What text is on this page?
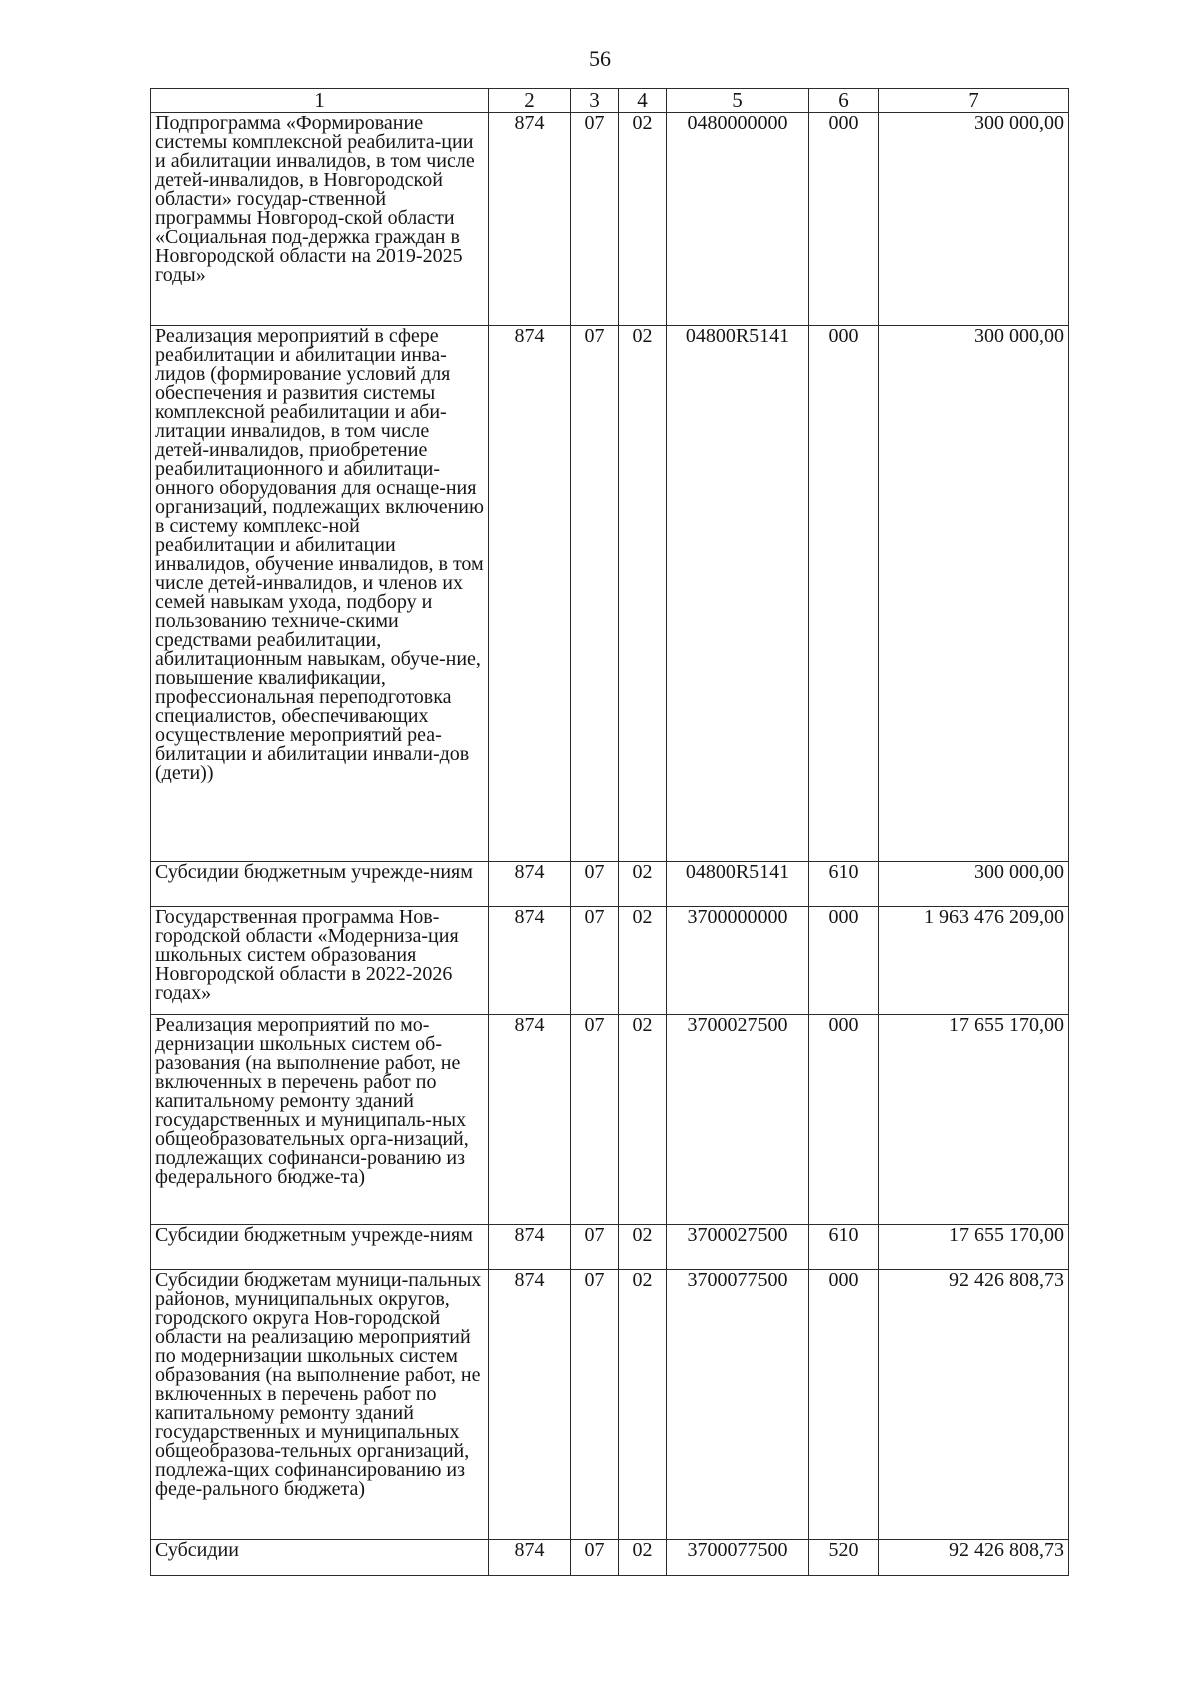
56
1	2	3	4	5	6	7
Подпрограмма «Формирование системы комплексной реабилита-ции и абилитации инвалидов, в том числе детей-инвалидов, в Новгородской области» государ-ственной программы Новгород-ской области «Социальная под-держка граждан в Новгородской области на 2019-2025 годы»	874	07	02	0480000000	000	300 000,00
Реализация мероприятий в сфере реабилитации и абилитации инва-лидов (формирование условий для обеспечения и развития системы комплексной реабилитации и аби-литации инвалидов, в том числе детей-инвалидов, приобретение реабилитационного и абилитаци-онного оборудования для оснаще-ния организаций, подлежащих включению в систему комплекс-ной реабилитации и абилитации инвалидов, обучение инвалидов, в том числе детей-инвалидов, и членов их семей навыкам ухода, подбору и пользованию техниче-скими средствами реабилитации, абилитационным навыкам, обуче-ние, повышение квалификации, профессиональная переподготовка специалистов, обеспечивающих осуществление мероприятий реа-билитации и абилитации инвали-дов (дети))	874	07	02	04800R5141	000	300 000,00
Субсидии бюджетным учрежде-ниям	874	07	02	04800R5141	610	300 000,00
Государственная программа Нов-городской области «Модерниза-ция школьных систем образования Новгородской области в 2022-2026 годах»	874	07	02	3700000000	000	1 963 476 209,00
Реализация мероприятий по мо-дернизации школьных систем об-разования (на выполнение работ, не включенных в перечень работ по капитальному ремонту зданий государственных и муниципаль-ных общеобразовательных орга-низаций, подлежащих софинанси-рованию из федерального бюдже-та)	874	07	02	3700027500	000	17 655 170,00
Субсидии бюджетным учрежде-ниям	874	07	02	3700027500	610	17 655 170,00
Субсидии бюджетам муници-пальных районов, муниципальных округов, городского округа Нов-городской области на реализацию мероприятий по модернизации школьных систем образования (на выполнение работ, не включенных в перечень работ по капитальному ремонту зданий государственных и муниципальных общеобразова-тельных организаций, подлежа-щих софинансированию из феде-рального бюджета)	874	07	02	3700077500	000	92 426 808,73
Субсидии	874	07	02	3700077500	520	92 426 808,73
